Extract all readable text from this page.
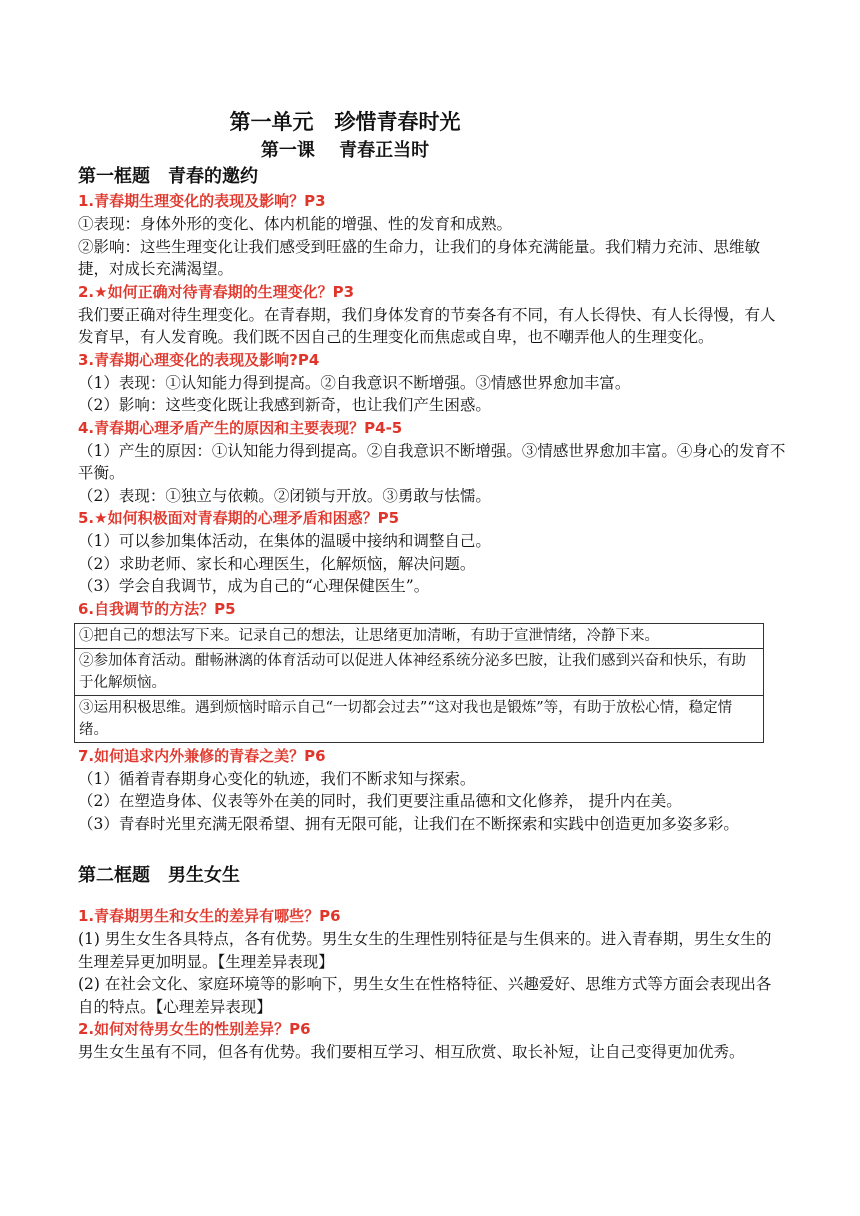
第一单元　珍惜青春时光
第一课　 青春正当时

第一框题　青春的邀约

1.青春期生理变化的表现及影响？P3

①表现：身体外形的变化、体内机能的增强、性的发育和成熟。

②影响：这些生理变化让我们感受到旺盛的生命力，让我们的身体充满能量。我们精力充沛、思维敏捷，对成长充满渴望。

2.★如何正确对待青春期的生理变化？P3

我们要正确对待生理变化。在青春期，我们身体发育的节奏各有不同，有人长得快、有人长得慢，有人发育早，有人发育晚。我们既不因自己的生理变化而焦虑或自卑，也不嘲弄他人的生理变化。

3.青春期心理变化的表现及影响?P4

（1）表现：①认知能力得到提高。②自我意识不断增强。③情感世界愈加丰富。

（2）影响：这些变化既让我感到新奇，也让我们产生困惑。

4.青春期心理矛盾产生的原因和主要表现？P4-5

（1）产生的原因：①认知能力得到提高。②自我意识不断增强。③情感世界愈加丰富。④身心的发育不平衡。

（2）表现：①独立与依赖。②闭锁与开放。③勇敢与怯懦。

5.★如何积极面对青春期的心理矛盾和困惑？P5

（1）可以参加集体活动，在集体的温暖中接纳和调整自己。

（2）求助老师、家长和心理医生，化解烦恼，解决问题。

（3）学会自我调节，成为自己的“心理保健医生”。

6.自我调节的方法？P5
①把自己的想法写下来。记录自己的想法，让思绪更加清晰，有助于宣泄情绪，冷静下来。
②参加体育活动。酣畅淋漓的体育活动可以促进人体神经系统分泌多巴胺，让我们感到兴奋和快乐，有助于化解烦恼。
③运用积极思维。遇到烦恼时暗示自己“一切都会过去”“这对我也是锻炼”等，有助于放松心情，稳定情绪。
7.如何追求内外兼修的青春之美？P6

（1）循着青春期身心变化的轨迹，我们不断求知与探索。

（2）在塑造身体、仪表等外在美的同时，我们更要注重品德和文化修养， 提升内在美。

（3）青春时光里充满无限希望、拥有无限可能，让我们在不断探索和实践中创造更加多姿多彩。

第二框题　男生女生

1.青春期男生和女生的差异有哪些？P6

(1) 男生女生各具特点，各有优势。男生女生的生理性别特征是与生俱来的。进入青春期，男生女生的生理差异更加明显。【生理差异表现】

(2) 在社会文化、家庭环境等的影响下，男生女生在性格特征、兴趣爱好、思维方式等方面会表现出各自的特点。【心理差异表现】

2.如何对待男女生的性别差异？P6

男生女生虽有不同，但各有优势。我们要相互学习、相互欣赏、取长补短，让自己变得更加优秀。
